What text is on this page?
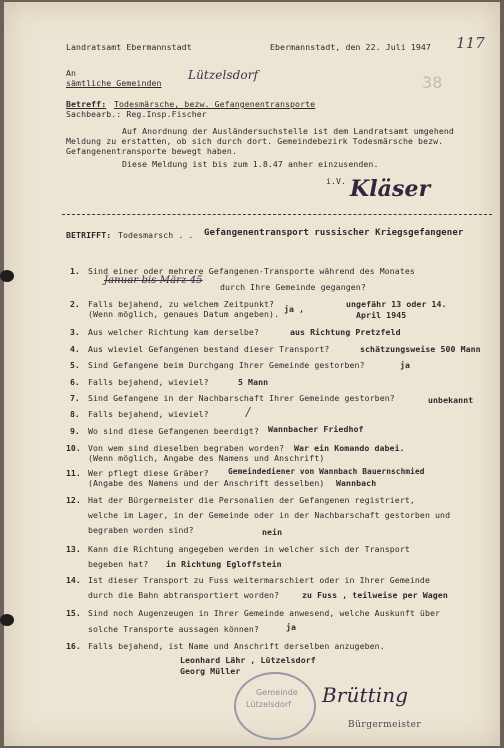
Landratsamt Ebermannstadt	Ebermannstadt, den 22. Juli 1947 117
38
An
sämtliche Gemeinden
Lützelsdorf
Betreff: Todesmärsche, bezw. Gefangenentransporte
Sachbearb.: Reg.Insp.Fischer
Auf Anordnung der Ausländersuchstelle ist dem Landratsamt umgehend
Meldung zu erstatten, ob sich durch dort. Gemeindebezirk Todesmärsche bezw.
Gefangenentransporte bewegt haben.
Diese Meldung ist bis zum 1.8.47 anher einzusenden.
i.V. Kläser
BETRIFFT: Todesmarsch . . Gefangenentransport russischer Kriegsgefangener
1. Sind einer oder mehrere Gefangenen-Transporte während des Monates
Januar bis März 45
durch Ihre Gemeinde gegangen?
2. Falls bejahend, zu welchem Zeitpunkt?
(Wenn möglich, genaues Datum angeben). ja ,	ungefähr 13 oder 14.
April 1945
3. Aus welcher Richtung kam derselbe?	aus Richtung Pretzfeld
4. Aus wieviel Gefangenen bestand dieser Transport?	schätzungsweise 500 Mann
5. Sind Gefangene beim Durchgang Ihrer Gemeinde gestorben?	ja
6. Falls bejahend, wieviel?	5 Mann
7. Sind Gefangene in der Nachbarschaft Ihrer Gemeinde gestorben?	unbekannt
8. Falls bejahend, wieviel?	/
9. Wo sind diese Gefangenen beerdigt? Wannbacher Friedhof
10. Von wem sind dieselben begraben worden?
(Wenn möglich, Angabe des Namens und Anschrift)
War ein Komando dabei.
11. Wer pflegt diese Gräber?
(Angabe des Namens und der Anschrift desselben)
Gemeindediener von Wannbach Bauernschmied
Wannbach
12. Hat der Bürgermeister die Personalien der Gefangenen registriert,
welche im Lager, in der Gemeinde oder in der Nachbarschaft gestorben und
begraben worden sind?	nein
13. Kann die Richtung angegeben werden in welcher sich der Transport
begeben hat? in Richtung Egloffstein
14. Ist dieser Transport zu Fuss weitermarschiert oder in Ihrer Gemeinde
durch die Bahn abtransportiert worden?	zu Fuss , teilweise per Wagen
15. Sind noch Augenzeugen in Ihrer Gemeinde anwesend, welche Auskunft über
solche Transporte aussagen können?	ja
16. Falls bejahend, ist Name und Anschrift derselben anzugeben.
Leonhard Lähr , Lützelsdorf
Georg Müller
Gemeinde
Lützelsdorf Brütting
Bürgermeister
